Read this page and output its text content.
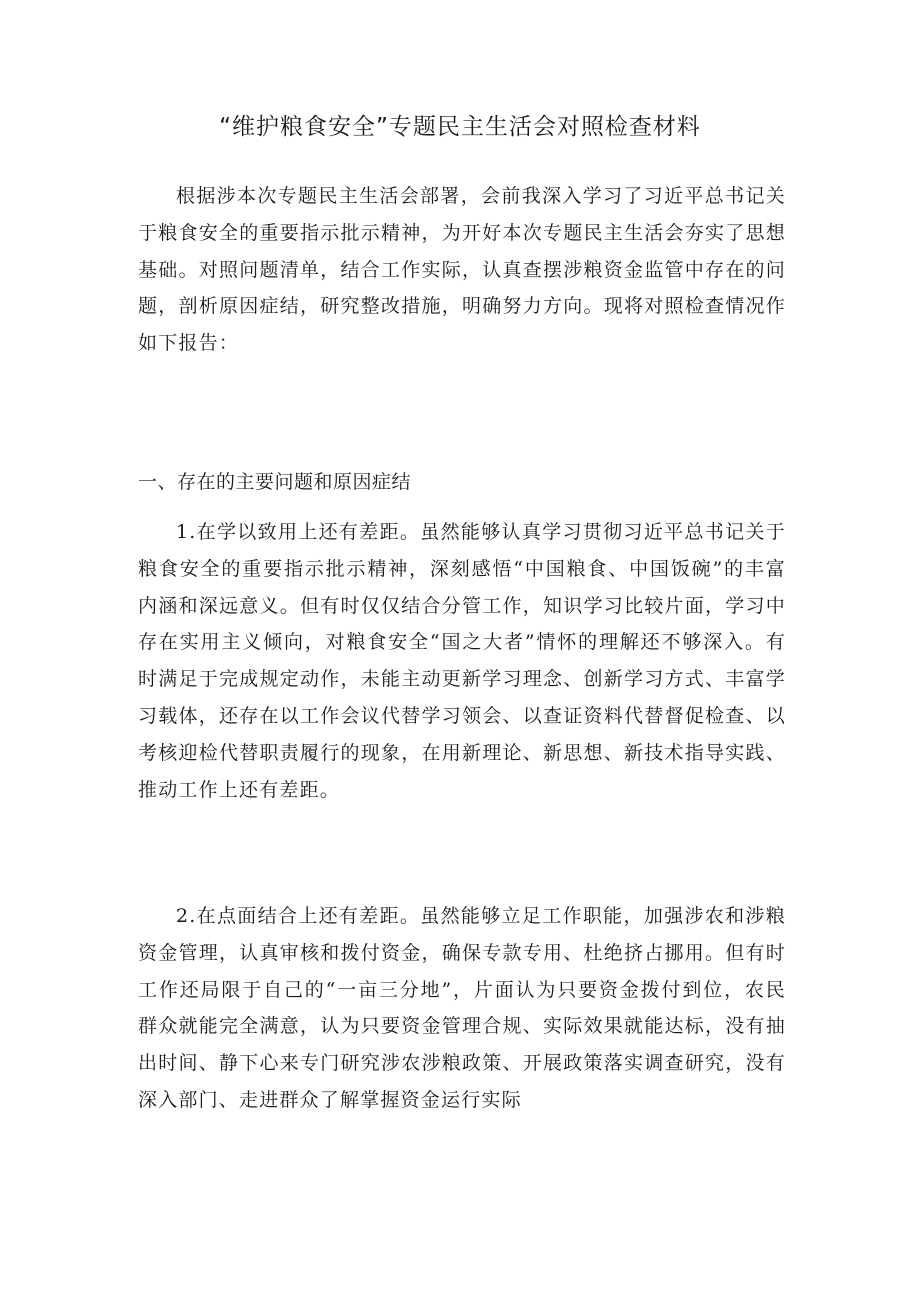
“维护粮食安全”专题民主生活会对照检查材料

根据涉本次专题民主生活会部署，会前我深入学习了习近平总书记关于粮食安全的重要指示批示精神，为开好本次专题民主生活会夯实了思想基础。对照问题清单，结合工作实际，认真查摆涉粮资金监管中存在的问题，剖析原因症结，研究整改措施，明确努力方向。现将对照检查情况作如下报告：

一、存在的主要问题和原因症结

1.在学以致用上还有差距。虽然能够认真学习贯彻习近平总书记关于粮食安全的重要指示批示精神，深刻感悟“中国粮食、中国饭碗”的丰富内涵和深远意义。但有时仅仅结合分管工作，知识学习比较片面，学习中存在实用主义倾向，对粮食安全“国之大者”情怀的理解还不够深入。有时满足于完成规定动作，未能主动更新学习理念、创新学习方式、丰富学习载体，还存在以工作会议代替学习领会、以查证资料代替督促检查、以考核迎检代替职责履行的现象，在用新理论、新思想、新技术指导实践、推动工作上还有差距。

2.在点面结合上还有差距。虽然能够立足工作职能，加强涉农和涉粮资金管理，认真审核和拨付资金，确保专款专用、杜绝挤占挪用。但有时工作还局限于自己的“一亩三分地”，片面认为只要资金拨付到位，农民群众就能完全满意，认为只要资金管理合规、实际效果就能达标，没有抽出时间、静下心来专门研究涉农涉粮政策、开展政策落实调查研究，没有深入部门、走进群众了解掌握资金运行实际
